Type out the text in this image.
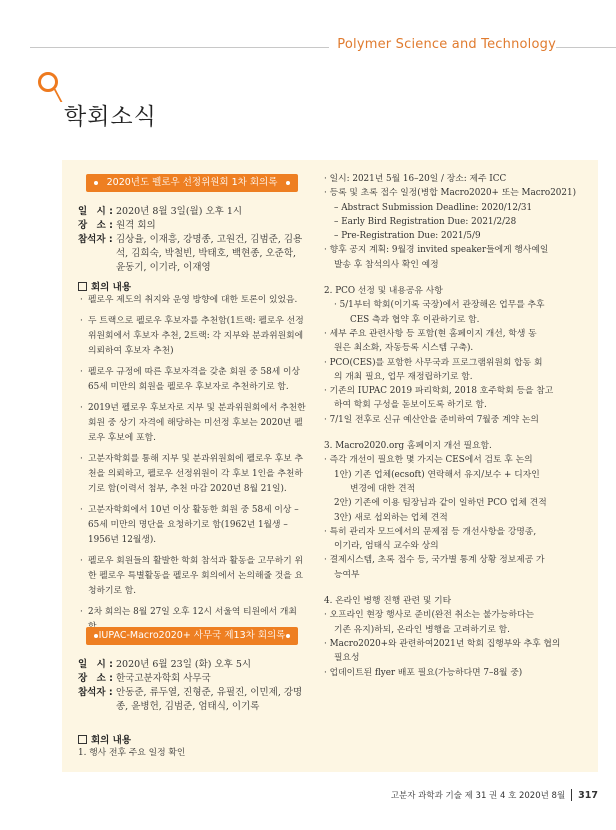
Polymer Science and Technology
학회소식
2020년도 펠로우 선정위원회 1차 회의록
일　시 : 2020년 8월 3일(월) 오후 1시
장　소 : 원격 회의
참석자 : 김상율, 이재흥, 강명종, 고원건, 김범준, 김용석, 김희숙, 박철빈, 박태호, 백현종, 오준학, 윤동기, 이기라, 이재영
회의 내용
· 펠로우 제도의 취지와 운영 방향에 대한 토론이 있었음.
· 두 트랙으로 펠로우 후보자를 추천함(1트랙: 펠로우 선정 위원회에서 후보자 추천, 2트랙: 각 지부와 분과위원회에 의뢰하여 후보자 추천)
· 펠로우 규정에 따른 후보자격을 갖춘 회원 중 58세 이상 65세 미만의 회원을 펠로우 후보자로 추천하기로 함.
· 2019년 펠로우 후보자로 지부 및 분과위원회에서 추천한 회원 중 상기 자격에 해당하는 미선정 후보는 2020년 펠로우 후보에 포함.
· 고분자학회를 통해 지부 및 분과위원회에 펠로우 후보 추천을 의뢰하고, 펠로우 선정위원이 각 후보 1인을 추천하기로 함(이력서 첨부, 추천 마감 2020년 8월 21일).
· 고분자학회에서 10년 이상 활동한 회원 중 58세 이상 – 65세 미만의 명단을 요청하기로 함(1962년 1월생 – 1956년 12월생).
· 펠로우 회원들의 활발한 학회 참석과 활동을 고무하기 위한 펠로우 특별활동을 펠로우 회의에서 논의해줄 것을 요청하기로 함.
· 2차 회의는 8월 27일 오후 12시 서울역 티원에서 개최
IUPAC-Macro2020+ 사무국 제13차 회의록
일　시 : 2020년 6월 23일 (화) 오후 5시
장　소 : 한국고분자학회 사무국
참석자 : 안동준, 류두열, 진형준, 유필진, 이민제, 강명종, 윤병헌, 김범준, 엄태식, 이기록
회의 내용
1. 행사 전후 주요 일정 확인
· 일시: 2021년 5월 16–20일 / 장소: 제주 ICC
· 등록 및 초록 접수 일정(병합 Macro2020+ 또는 Macro2021)
– Abstract Submission Deadline: 2020/12/31
– Early Bird Registration Due: 2021/2/28
– Pre-Registration Due: 2021/5/9
· 향후 공지 계획: 9월경 invited speaker들에게 행사예일
발송 후 참석의사 확인 예정
2. PCO 선정 및 내용공유 사항
· 5/1부터 학회(이기록 국장)에서 관장해온 업무를 추후
CES 측과 협약 후 이관하기로 함.
· 세부 주요 관련사항 등 포함(현 홈페이지 개선, 학생 동
원은 최소화, 자동등록 시스템 구축).
· PCO(CES)를 포함한 사무국과 프로그램위원회 합동 회
의 개최 필요, 업무 재정립하기로 함.
· 기존의 IUPAC 2019 파리학회, 2018 호주학회 등을 참고
하여 학회 구성을 돋보이도록 하기로 함.
· 7/1일 전후로 신규 예산안을 준비하여 7월중 계약 논의
3. Macro2020.org 홈페이지 개선 필요함.
· 즉각 개선이 필요한 몇 가지는 CES에서 검토 후 논의
1안) 기존 업체(ecsoft) 연락해서 유지/보수 + 디자인
변경에 대한 견적
2안) 기존에 이용 팀장님과 같이 일하던 PCO 업체 견적
3안) 새로 섭외하는 업체 견적
· 특히 관리자 모드에서의 문제점 등 개선사항을 강명종,
이기라, 엄태식 교수와 상의
· 결제시스템, 초록 접수 등, 국가별 통계 상황 정보제공 가
능여부
4. 온라인 병행 진행 관련 및 기타
· 오프라인 현장 행사로 준비(완전 취소는 불가능하다는
기존 유지)하되, 온라인 병행을 고려하기로 함.
· Macro2020+와 관련하여2021년 학회 집행부와 추후 협의
필요성
· 업데이트된 flyer 배포 필요(가능하다면 7–8월 중)
고분자 과학과 기술 제 31 권 4 호 2020년 8월 317
